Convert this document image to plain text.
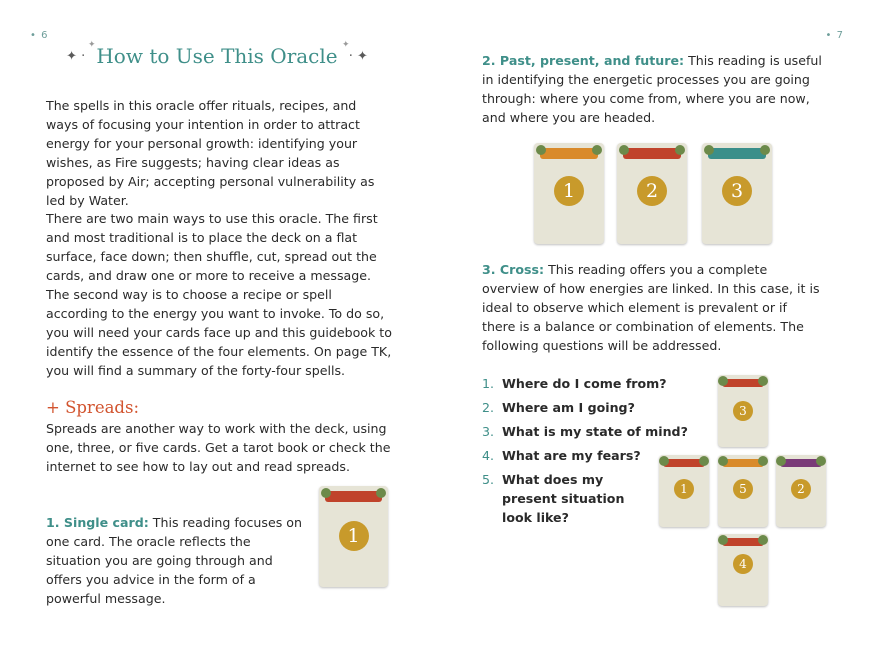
• 6
✦	✦
✦ · How to Use This Oracle · ✦

The spells in this oracle offer rituals, recipes, and ways of focusing your intention in order to attract energy for your personal growth: identifying your wishes, as Fire suggests; having clear ideas as proposed by Air; accepting personal vulnerability as led by Water.

There are two main ways to use this oracle. The first and most traditional is to place the deck on a flat surface, face down; then shuffle, cut, spread out the cards, and draw one or more to receive a message. The second way is to choose a recipe or spell according to the energy you want to invoke. To do so, you will need your cards face up and this guidebook to identify the essence of the four elements. On page TK, you will find a summary of the forty-four spells.

+ Spreads:

Spreads are another way to work with the deck, using one, three, or five cards. Get a tarot book or check the internet to see how to lay out and read spreads.

1. Single card: This reading focuses on one card. The oracle reflects the situation you are going through and offers you advice in the form of a powerful message.

1
• 7

2. Past, present, and future: This reading is useful in identifying the energetic processes you are going through: where you come from, where you are now, and where you are headed.

1	2	3

3. Cross: This reading offers you a complete overview of how energies are linked. In this case, it is ideal to observe which element is prevalent or if there is a balance or combination of elements. The following questions will be addressed.

1. Where do I come from?
2. Where am I going?
3. What is my state of mind?
4. What are my fears?
5. What does my present situation look like?
3
1	5	2
4
